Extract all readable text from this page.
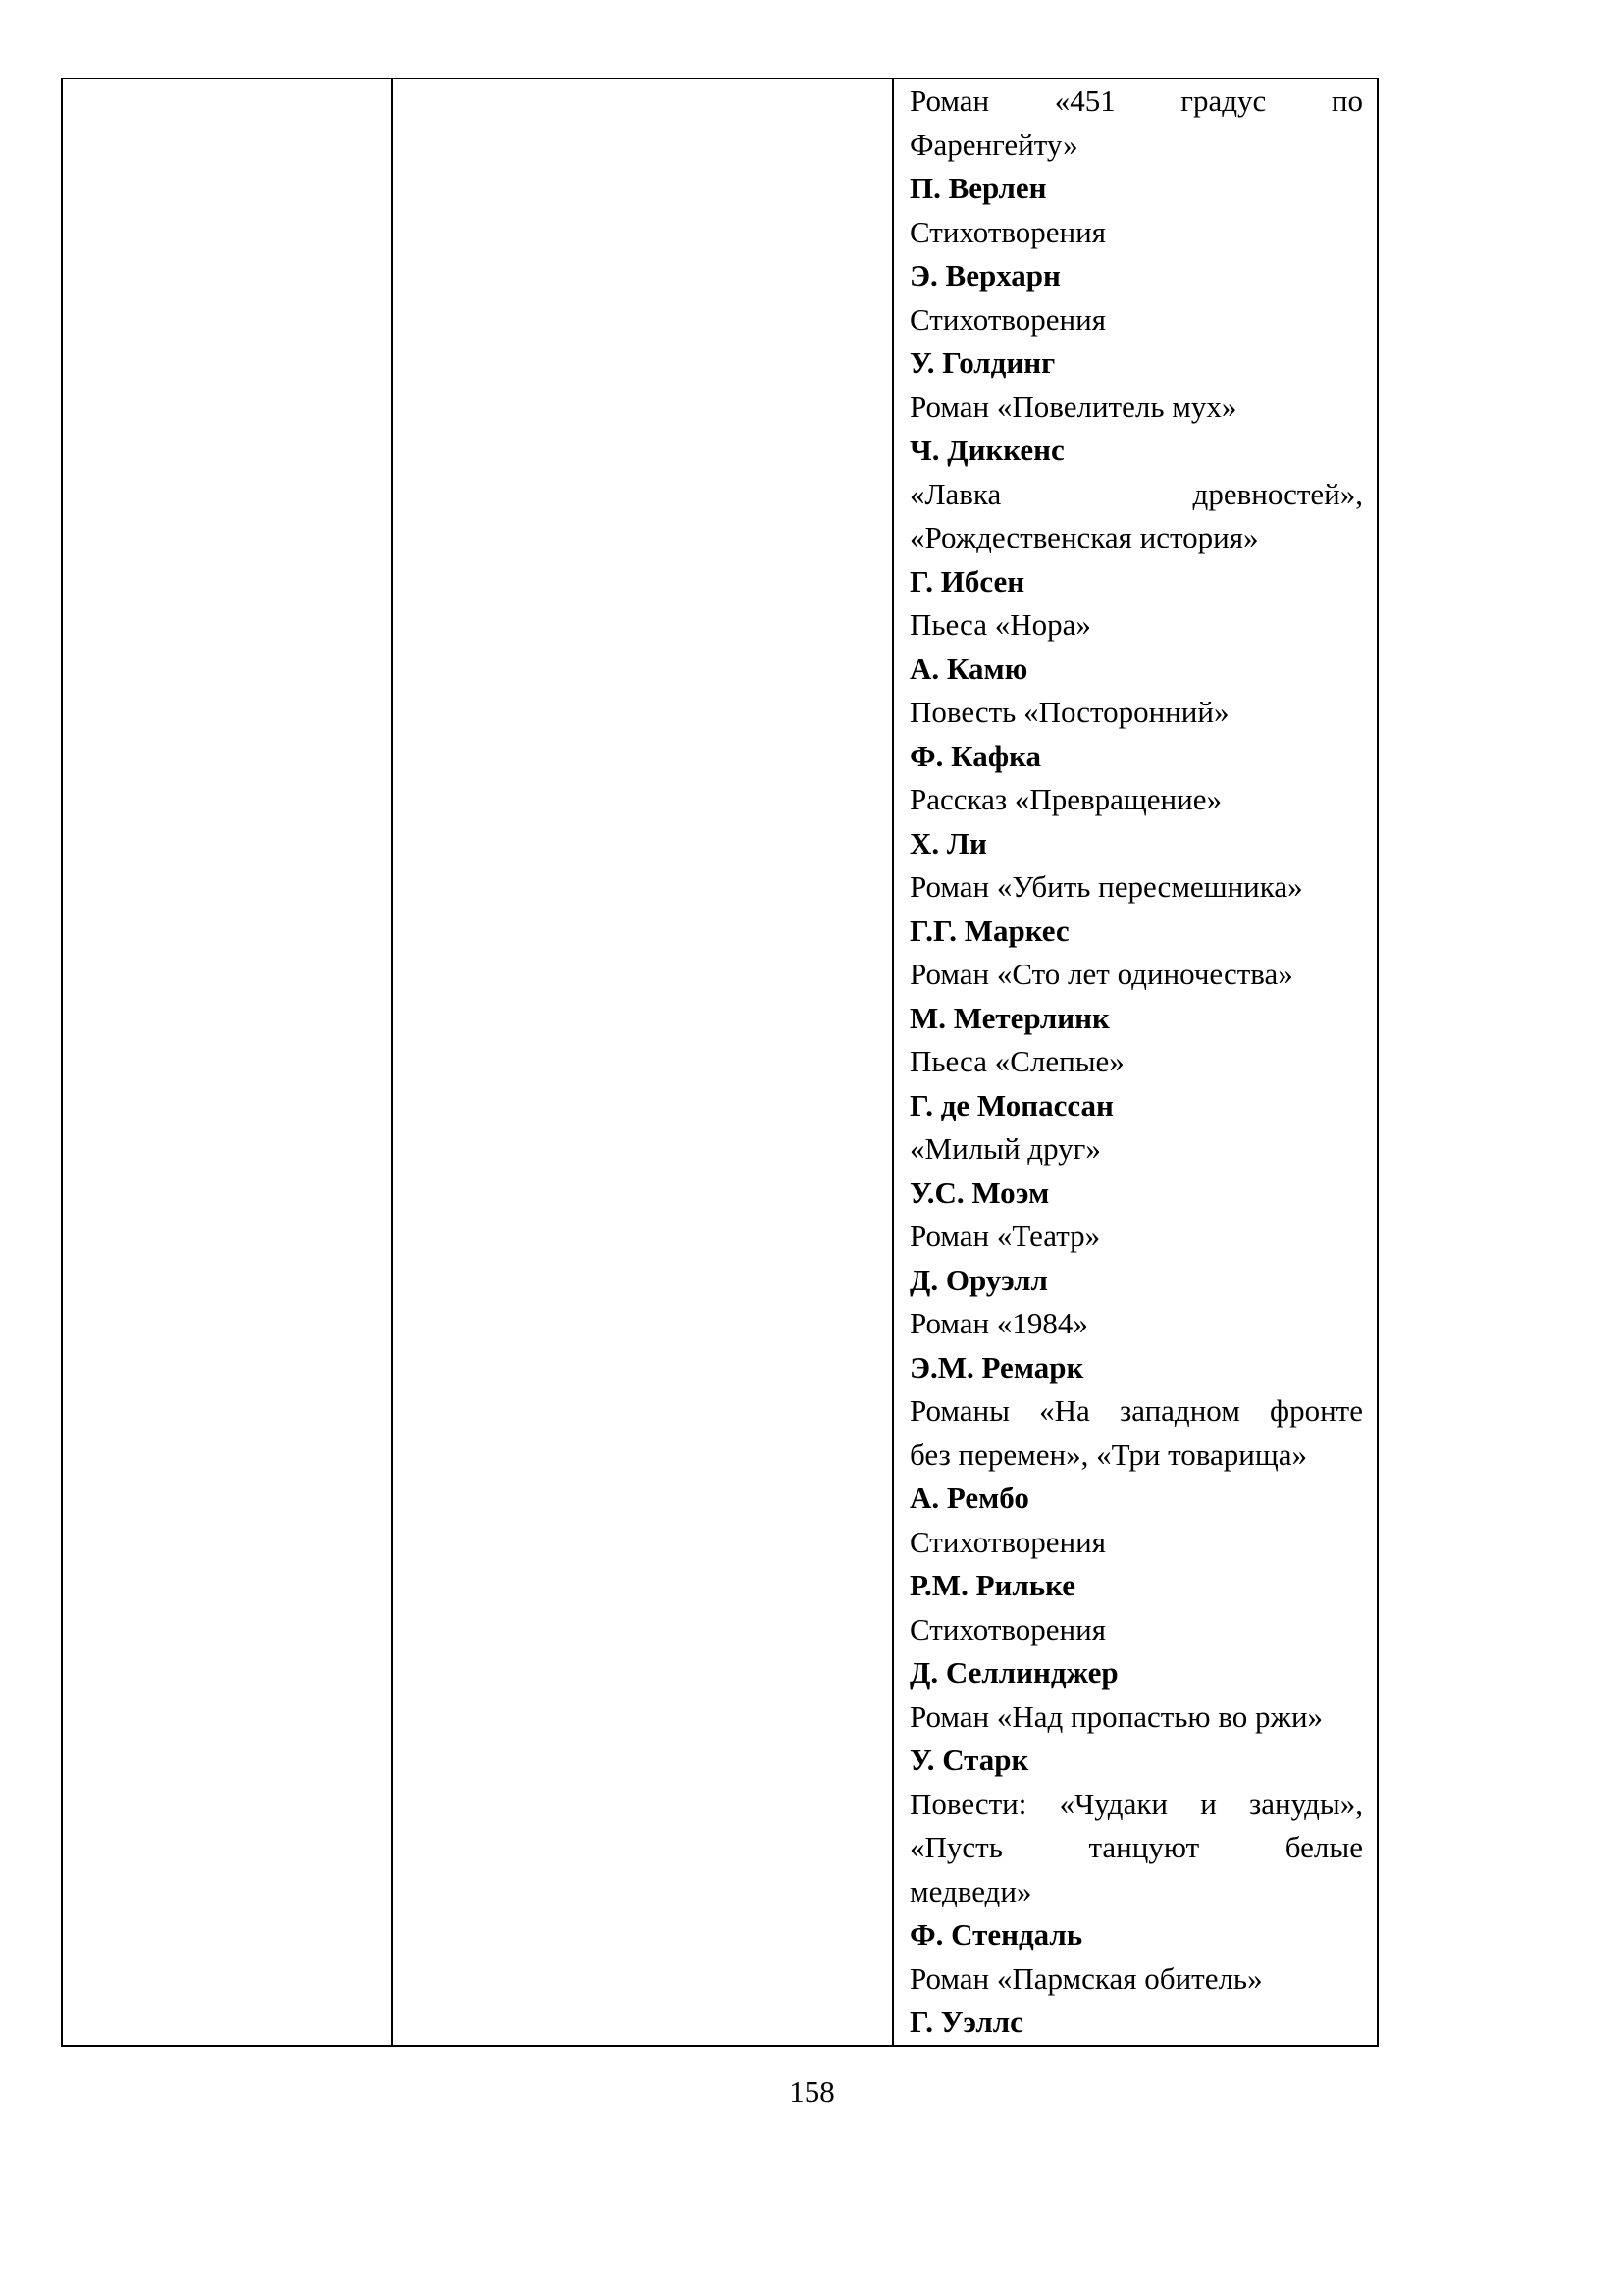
Роман «451 градус по
Фаренгейту»
П. Верлен
Стихотворения
Э. Верхарн
Стихотворения
У. Голдинг
Роман «Повелитель мух»
Ч. Диккенс
«Лавка древностей»,
«Рождественская история»
Г. Ибсен
Пьеса «Нора»
А. Камю
Повесть «Посторонний»
Ф. Кафка
Рассказ «Превращение»
Х. Ли
Роман «Убить пересмешника»
Г.Г. Маркес
Роман «Сто лет одиночества»
М. Метерлинк
Пьеса «Слепые»
Г. де Мопассан
«Милый друг»
У.С. Моэм
Роман «Театр»
Д. Оруэлл
Роман «1984»
Э.М. Ремарк
Романы «На западном фронте
без перемен», «Три товарища»
А. Рембо
Стихотворения
Р.М. Рильке
Стихотворения
Д. Селлинджер
Роман «Над пропастью во ржи»
У. Старк
Повести: «Чудаки и зануды»,
«Пусть танцуют белые
медведи»
Ф. Стендаль
Роман «Пармская обитель»
Г. Уэллс
158
